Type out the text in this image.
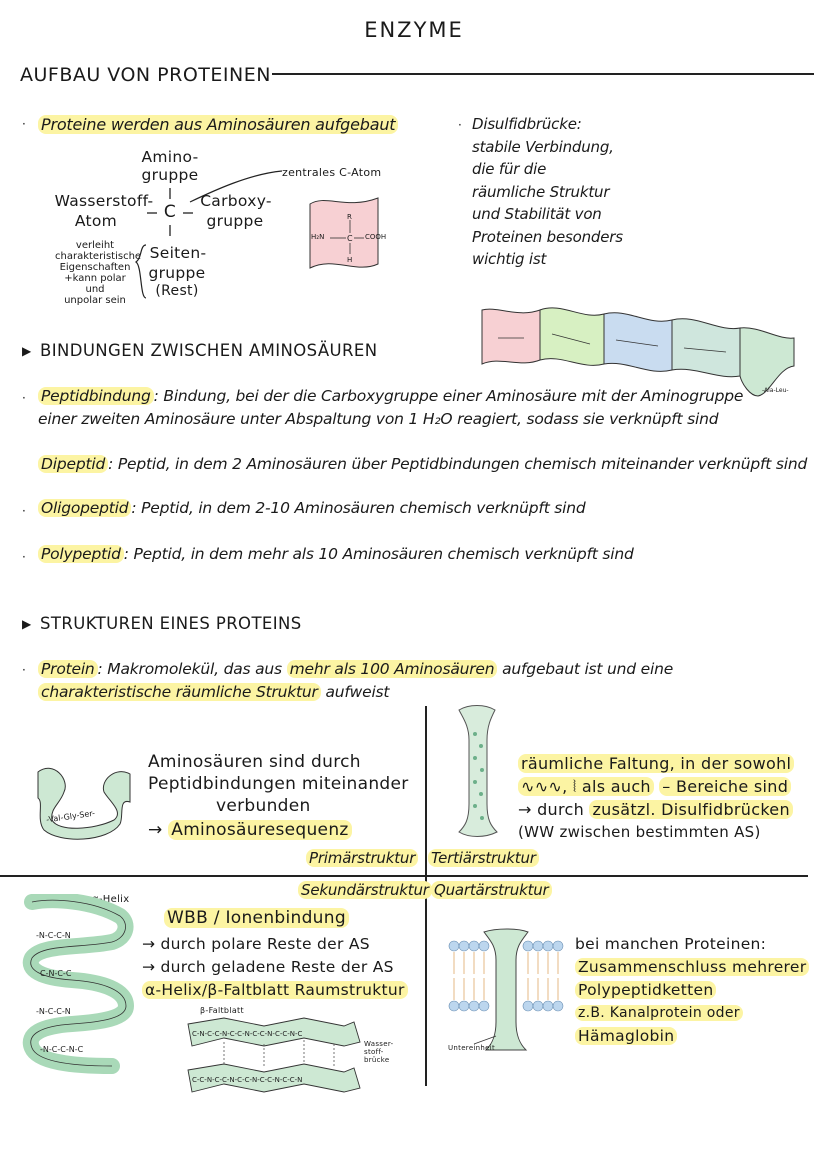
ENZYME
AUFBAU VON PROTEINEN
· Proteine werden aus Aminosäuren aufgebaut
Amino-
gruppe	zentrales C-Atom
Wasserstoff-
Atom	C
Carboxy-
gruppe
Seiten-
gruppe
(Rest)
verleiht
charakteristische
Eigenschaften
+kann polar und
unpolar sein
H₂N	C COOH
R
H
· Disulfidbrücke:
stabile Verbindung,
die für die
räumliche Struktur
und Stabilität von
Proteinen besonders
wichtig ist
▶ BINDUNGEN ZWISCHEN AMINOSÄUREN
-Ala-Leu-
· Peptidbindung : Bindung, bei der die Carboxygruppe einer Aminosäure mit der Aminogruppe
einer zweiten Aminosäure unter Abspaltung von 1 H₂O reagiert, sodass sie verknüpft sind
Dipeptid : Peptid, in dem 2 Aminosäuren über Peptidbindungen chemisch miteinander verknüpft sind
· Oligopeptid : Peptid, in dem 2-10 Aminosäuren chemisch verknüpft sind
· Polypeptid : Peptid, in dem mehr als 10 Aminosäuren chemisch verknüpft sind
▶ STRUKTUREN EINES PROTEINS
· Protein : Makromolekül, das aus mehr als 100 Aminosäuren aufgebaut ist und eine
charakteristische räumliche Struktur aufweist
-Val-Gly-Ser-
Aminosäuren sind durch
Peptidbindungen miteinander
verbunden
→ Aminosäuresequenz
Primärstruktur
räumliche Faltung, in der sowohl
∿∿∿, ⦚ als auch – Bereiche sind
→ durch zusätzl. Disulfidbrücken
(WW zwischen bestimmten AS)
Tertiärstruktur
Sekundärstruktur
α-Helix
-N-C-C-N
C-N-C-C
-N-C-C-N
-N-C-C-N-C
WBB / Ionenbindung
→ durch polare Reste der AS
→ durch geladene Reste der AS
α-Helix/β-Faltblatt Raumstruktur
β-Faltblatt
C-N-C-C-N-C-C-N-C-C-N-C-C-N-C
C-C-N-C-C-N-C-C-N-C-C-N-C-C-N
Wasser-
stoff-
brücke
Quartärstruktur
Untereinheit
bei manchen Proteinen:
Zusammenschluss mehrerer
Polypeptidketten
z.B. Kanalprotein oder
Hämaglobin
